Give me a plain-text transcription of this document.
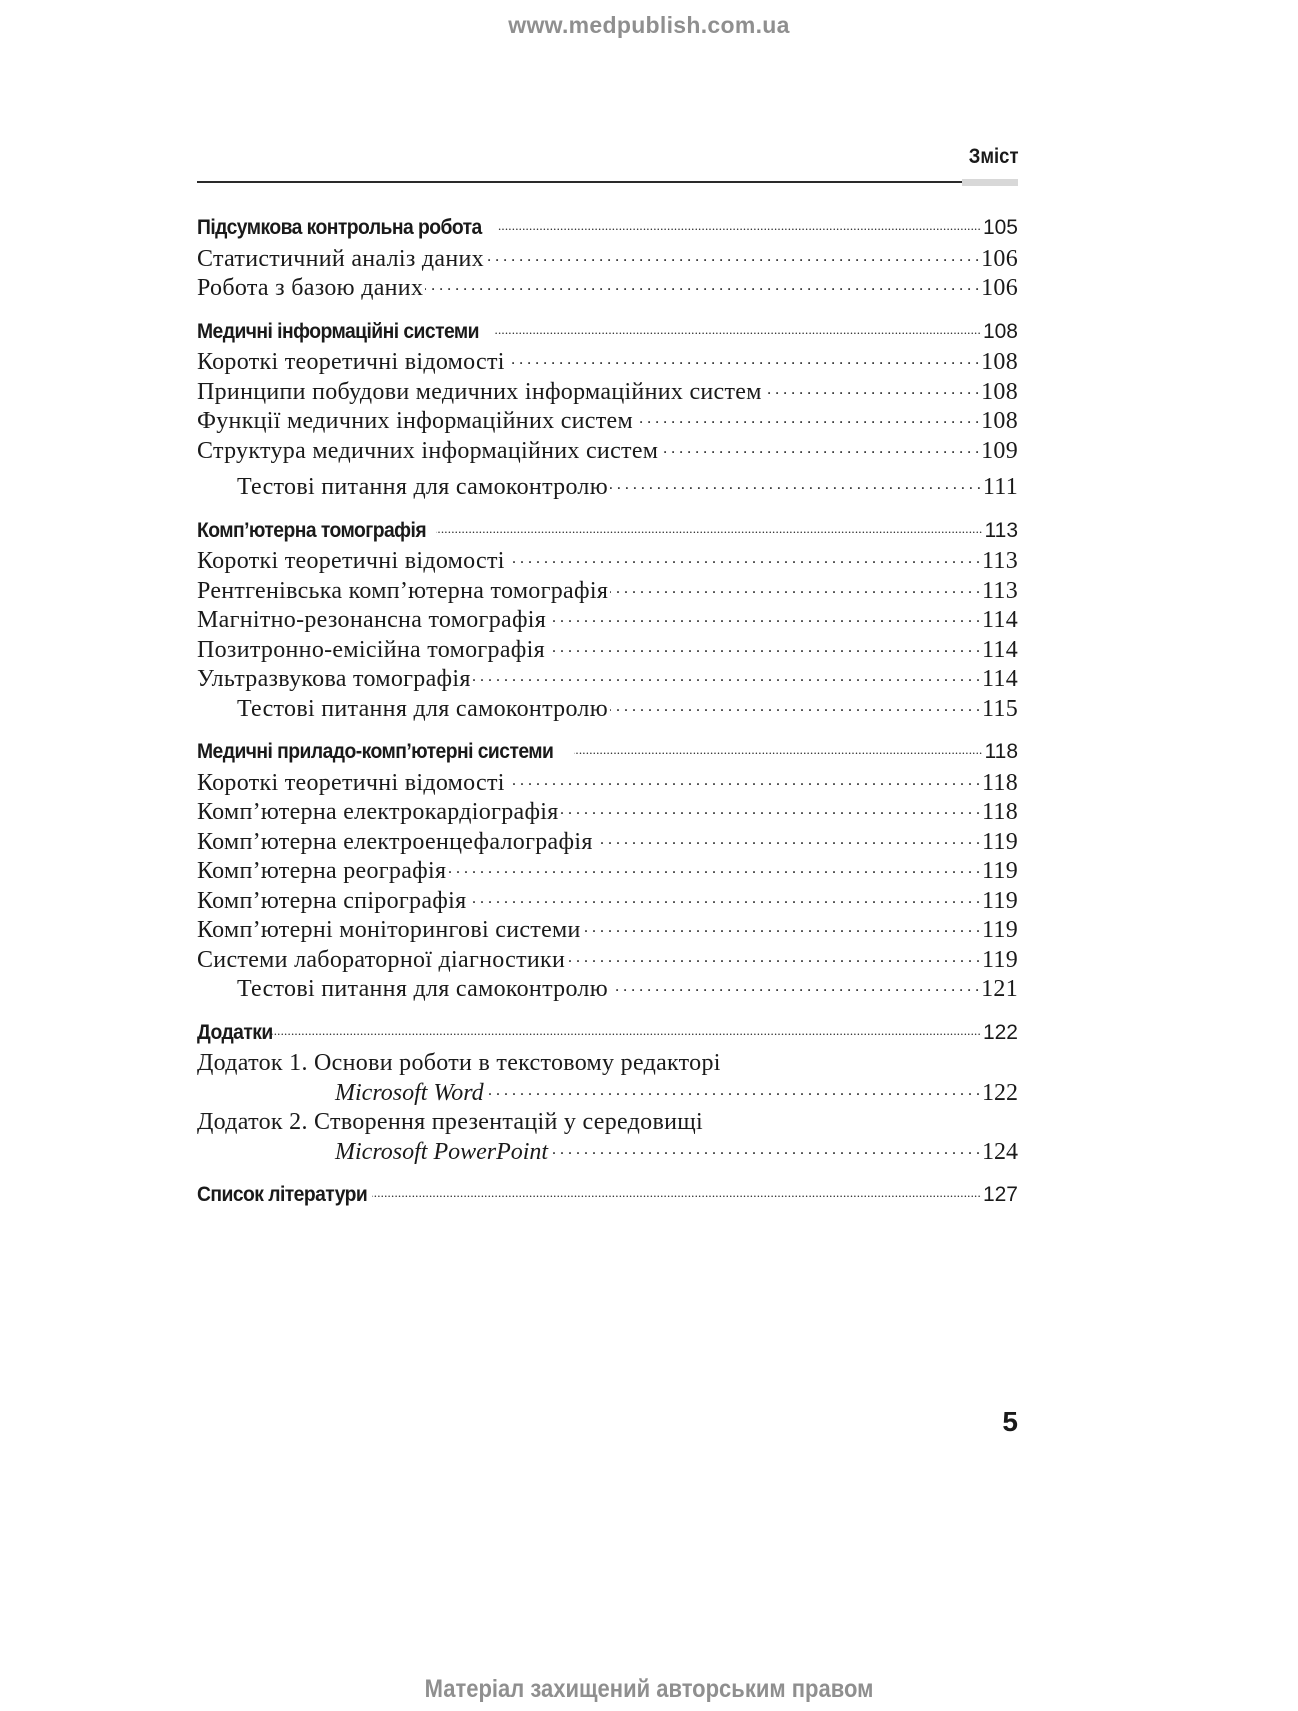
www.medpublish.com.ua
Зміст
Підсумкова контрольна робота .....	105
Статистичний аналіз даних . . .	106
Робота з базою даних . . .	106
Медичні інформаційні системи .....	108
Короткі теоретичні відомості . . .	108
Принципи побудови медичних інформаційних систем . . .	108
Функції медичних інформаційних систем . . .	108
Структура медичних інформаційних систем . . .	109
Тестові питання для самоконтролю . . .	111
Комп’ютерна томографія .....	113
Короткі теоретичні відомості . . .	113
Рентгенівська комп’ютерна томографія . . .	113
Магнітно-резонансна томографія . . .	114
Позитронно-емісійна томографія . . .	114
Ультразвукова томографія . . .	114
Тестові питання для самоконтролю . . .	115
Медичні приладо-комп’ютерні системи .....	118
Короткі теоретичні відомості . . .	118
Комп’ютерна електрокардіографія . . .	118
Комп’ютерна електроенцефалографія . . .	119
Комп’ютерна реографія . . .	119
Комп’ютерна спірографія . . .	119
Комп’ютерні моніторингові системи . . .	119
Системи лабораторної діагностики . . .	119
Тестові питання для самоконтролю . . .	121
Додатки .....	122
Додаток 1. Основи роботи в текстовому редакторі
Microsoft Word . . .	122
Додаток 2. Створення презентацій у середовищі
Microsoft PowerPoint . . .	124
Список літератури .....	127
5
Матеріал захищений авторським правом
